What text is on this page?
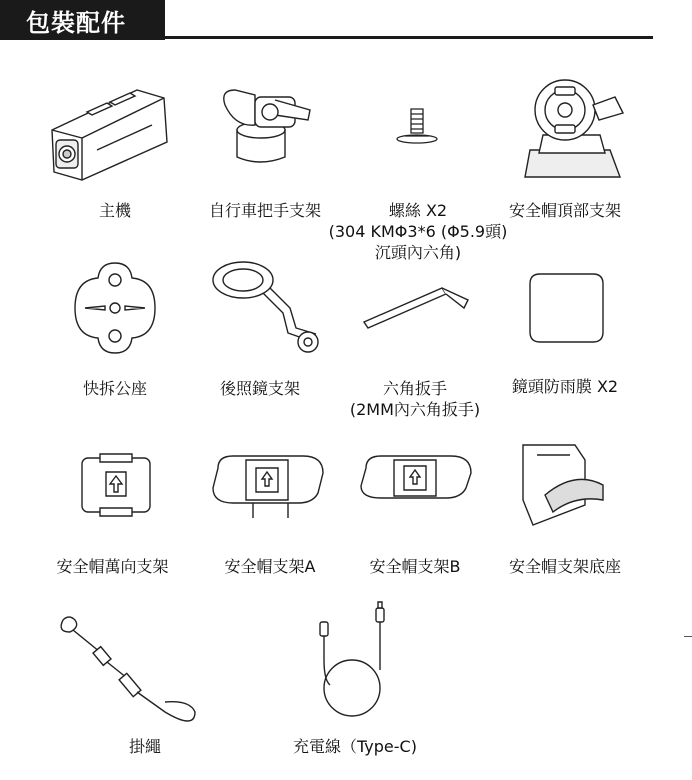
包裝配件
主機	自行車把手支架	螺絲 X2
(304 KMΦ3*6 (Φ5.9頭)
沉頭內六角)
安全帽頂部支架
快拆公座	後照鏡支架	六角扳手
(2MM內六角扳手)
鏡頭防雨膜 X2
安全帽萬向支架	安全帽支架A	安全帽支架B	安全帽支架底座
掛繩	充電線（Type-C)
